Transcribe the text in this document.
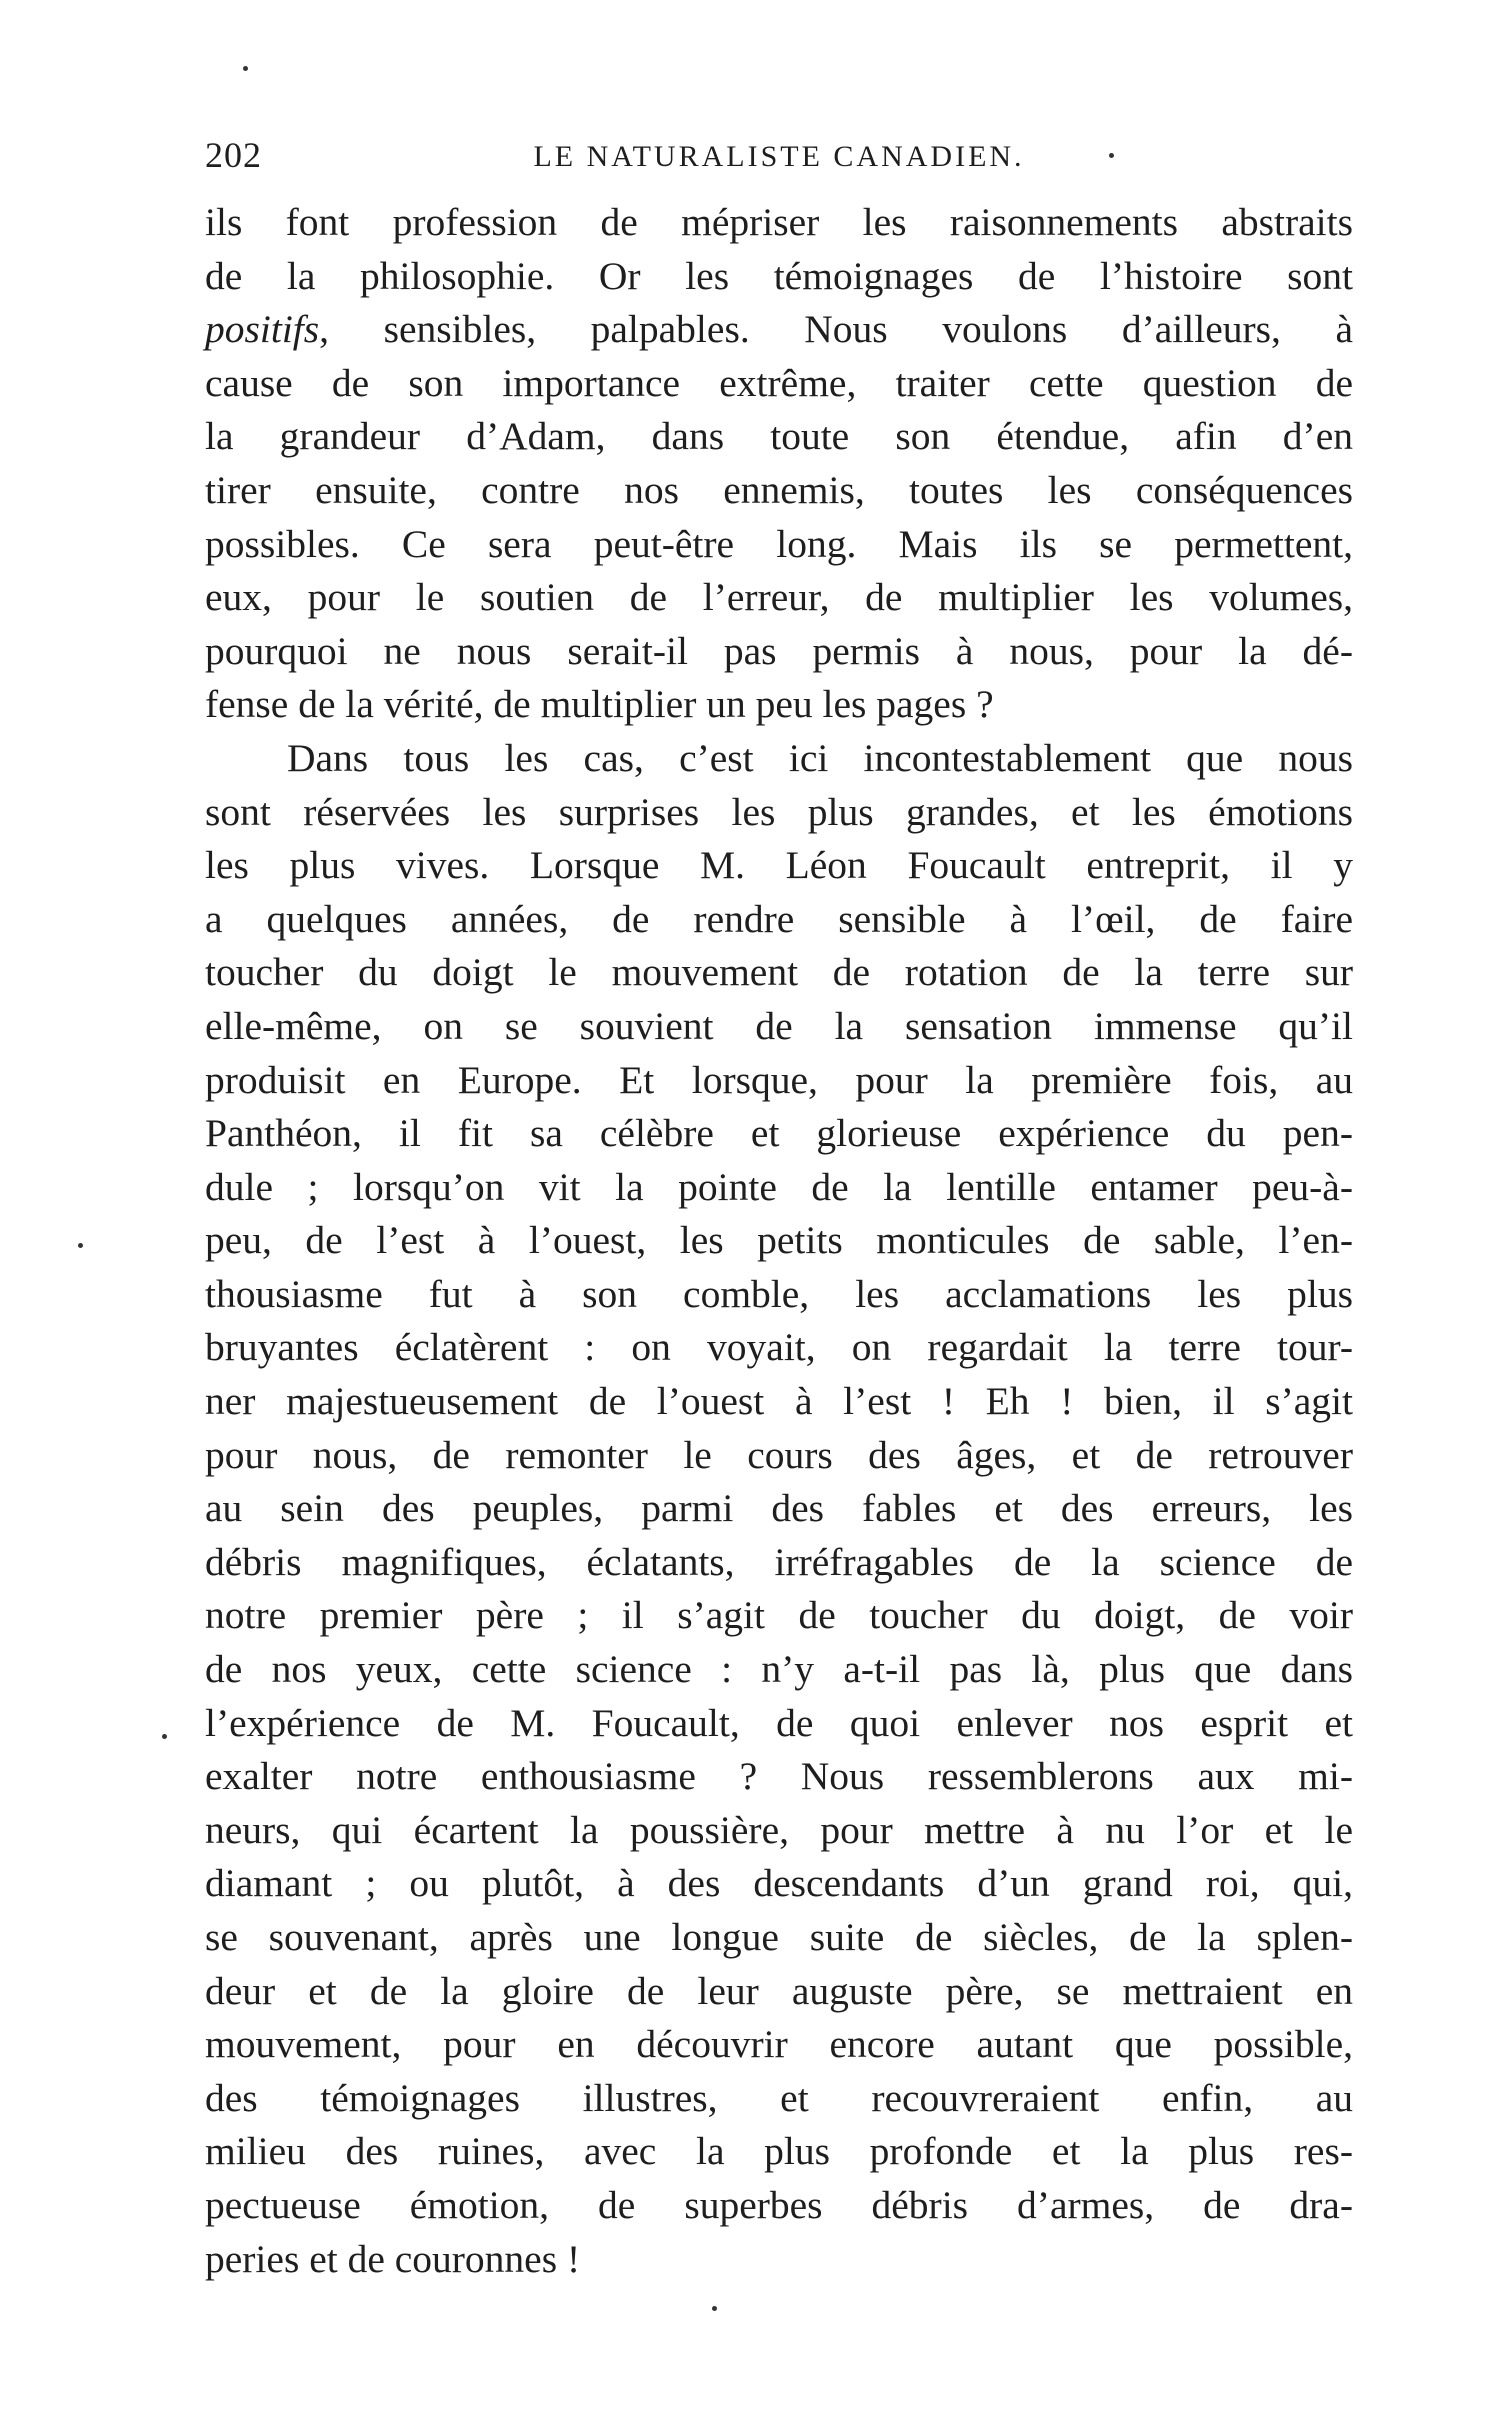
202	LE NATURALISTE CANADIEN.
ils font profession de mépriser les raisonnements abstraits
de la philosophie. Or les témoignages de l’histoire sont
positifs, sensibles, palpables. Nous voulons d’ailleurs, à
cause de son importance extrême, traiter cette question de
la grandeur d’Adam, dans toute son étendue, afin d’en
tirer ensuite, contre nos ennemis, toutes les conséquences
possibles. Ce sera peut-être long. Mais ils se permettent,
eux, pour le soutien de l’erreur, de multiplier les volumes,
pourquoi ne nous serait-il pas permis à nous, pour la dé-
fense de la vérité, de multiplier un peu les pages ?
Dans tous les cas, c’est ici incontestablement que nous
sont réservées les surprises les plus grandes, et les émotions
les plus vives. Lorsque M. Léon Foucault entreprit, il y
a quelques années, de rendre sensible à l’œil, de faire
toucher du doigt le mouvement de rotation de la terre sur
elle-même, on se souvient de la sensation immense qu’il
produisit en Europe. Et lorsque, pour la première fois, au
Panthéon, il fit sa célèbre et glorieuse expérience du pen-
dule ; lorsqu’on vit la pointe de la lentille entamer peu-à-
peu, de l’est à l’ouest, les petits monticules de sable, l’en-
thousiasme fut à son comble, les acclamations les plus
bruyantes éclatèrent : on voyait, on regardait la terre tour-
ner majestueusement de l’ouest à l’est ! Eh ! bien, il s’agit
pour nous, de remonter le cours des âges, et de retrouver
au sein des peuples, parmi des fables et des erreurs, les
débris magnifiques, éclatants, irréfragables de la science de
notre premier père ; il s’agit de toucher du doigt, de voir
de nos yeux, cette science : n’y a-t-il pas là, plus que dans
l’expérience de M. Foucault, de quoi enlever nos esprit et
exalter notre enthousiasme ? Nous ressemblerons aux mi-
neurs, qui écartent la poussière, pour mettre à nu l’or et le
diamant ; ou plutôt, à des descendants d’un grand roi, qui,
se souvenant, après une longue suite de siècles, de la splen-
deur et de la gloire de leur auguste père, se mettraient en
mouvement, pour en découvrir encore autant que possible,
des témoignages illustres, et recouvreraient enfin, au
milieu des ruines, avec la plus profonde et la plus res-
pectueuse émotion, de superbes débris d’armes, de dra-
peries et de couronnes !
